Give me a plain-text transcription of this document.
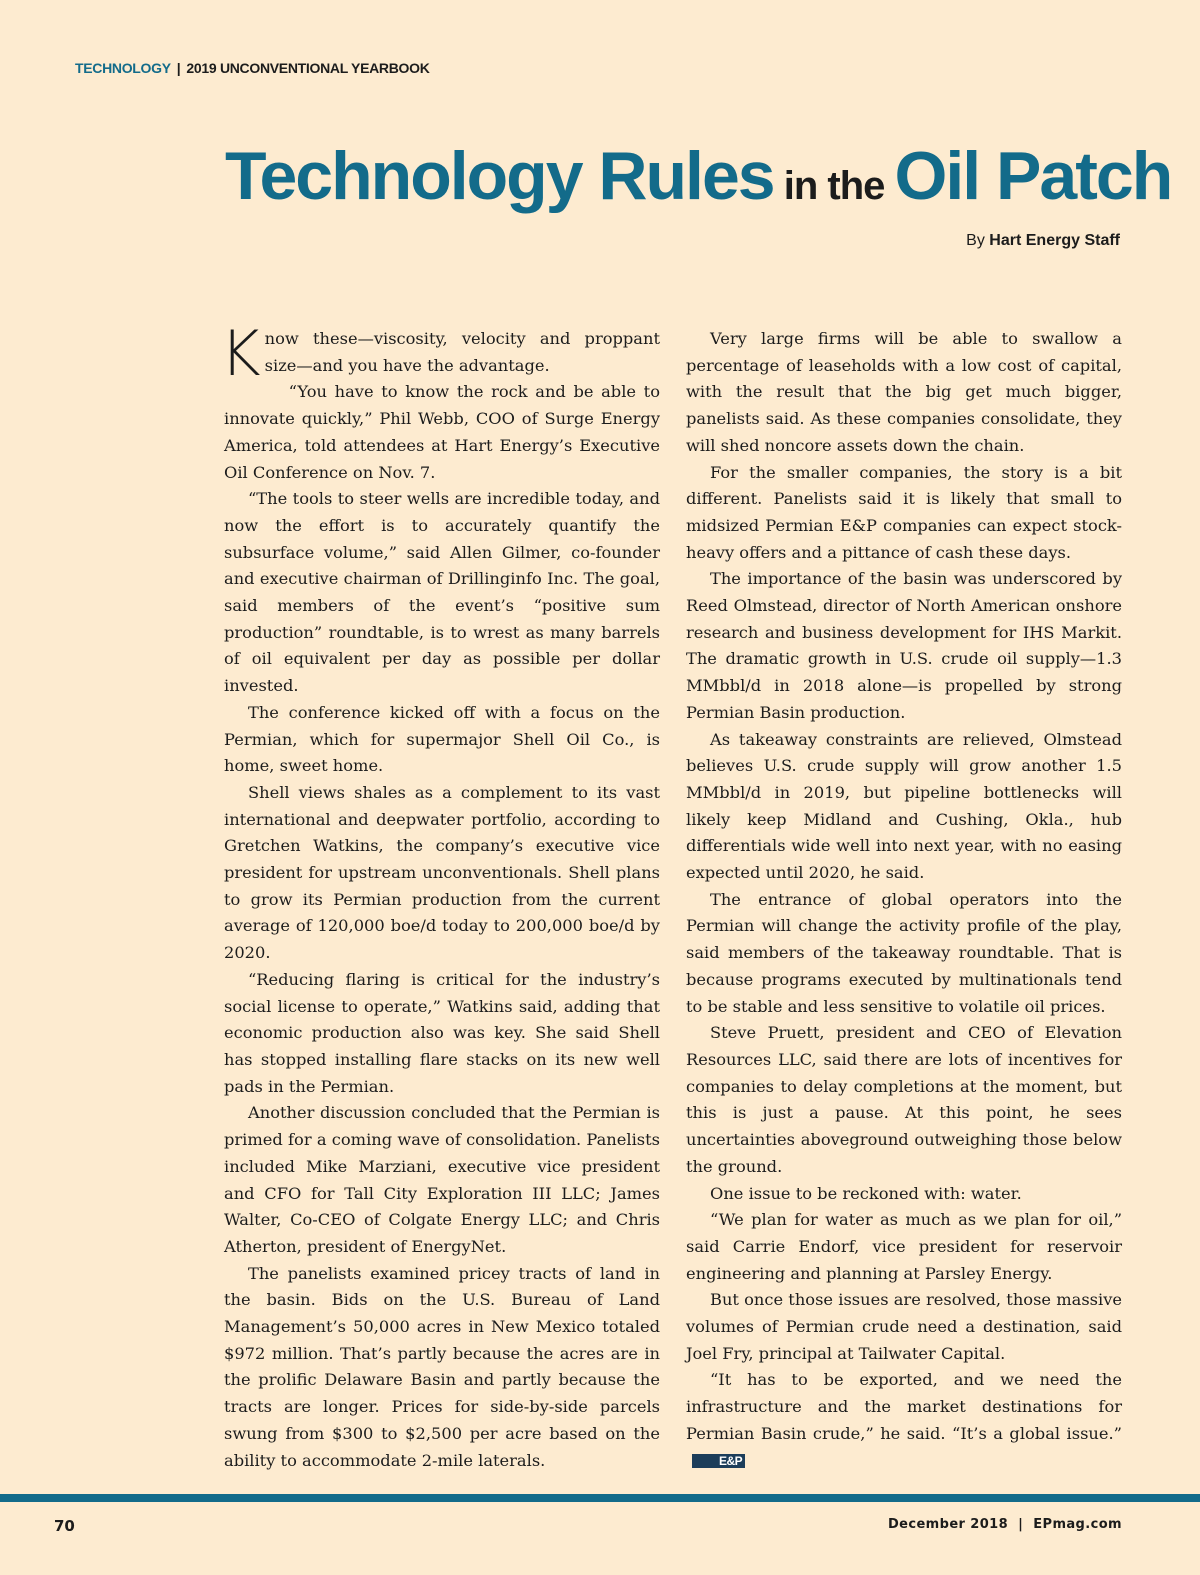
TECHNOLOGY | 2019 UNCONVENTIONAL YEARBOOK
Technology Rules in the Oil Patch
By Hart Energy Staff

Know these—viscosity, velocity and proppant size—and you have the advantage.

“You have to know the rock and be able to innovate quickly,” Phil Webb, COO of Surge Energy America, told attendees at Hart Energy’s Executive Oil Conference on Nov. 7.

“The tools to steer wells are incredible today, and now the effort is to accurately quantify the subsurface volume,” said Allen Gilmer, co-founder and executive chairman of Drillinginfo Inc. The goal, said members of the event’s “positive sum production” roundtable, is to wrest as many barrels of oil equivalent per day as possible per dollar invested.

The conference kicked off with a focus on the Permian, which for supermajor Shell Oil Co., is home, sweet home.

Shell views shales as a complement to its vast international and deepwater portfolio, according to Gretchen Watkins, the company’s executive vice president for upstream unconventionals. Shell plans to grow its Permian production from the current average of 120,000 boe/d today to 200,000 boe/d by 2020.

“Reducing flaring is critical for the industry’s social license to operate,” Watkins said, adding that economic production also was key. She said Shell has stopped installing flare stacks on its new well pads in the Permian.

Another discussion concluded that the Permian is primed for a coming wave of consolidation. Panelists included Mike Marziani, executive vice president and CFO for Tall City Exploration III LLC; James Walter, Co-CEO of Colgate Energy LLC; and Chris Atherton, president of EnergyNet.

The panelists examined pricey tracts of land in the basin. Bids on the U.S. Bureau of Land Management’s 50,000 acres in New Mexico totaled $972 million. That’s partly because the acres are in the prolific Delaware Basin and partly because the tracts are longer. Prices for side-by-side parcels swung from $300 to $2,500 per acre based on the ability to accommodate 2-mile laterals.

Very large firms will be able to swallow a percentage of leaseholds with a low cost of capital, with the result that the big get much bigger, panelists said. As these companies consolidate, they will shed noncore assets down the chain.

For the smaller companies, the story is a bit different. Panelists said it is likely that small to midsized Permian E&P companies can expect stock-heavy offers and a pittance of cash these days.

The importance of the basin was underscored by Reed Olmstead, director of North American onshore research and business development for IHS Markit. The dramatic growth in U.S. crude oil supply—1.3 MMbbl/d in 2018 alone—is propelled by strong Permian Basin production.

As takeaway constraints are relieved, Olmstead believes U.S. crude supply will grow another 1.5 MMbbl/d in 2019, but pipeline bottlenecks will likely keep Midland and Cushing, Okla., hub differentials wide well into next year, with no easing expected until 2020, he said.

The entrance of global operators into the Permian will change the activity profile of the play, said members of the takeaway roundtable. That is because programs executed by multinationals tend to be stable and less sensitive to volatile oil prices.

Steve Pruett, president and CEO of Elevation Resources LLC, said there are lots of incentives for companies to delay completions at the moment, but this is just a pause. At this point, he sees uncertainties aboveground outweighing those below the ground.

One issue to be reckoned with: water.

“We plan for water as much as we plan for oil,” said Carrie Endorf, vice president for reservoir engineering and planning at Parsley Energy.

But once those issues are resolved, those massive volumes of Permian crude need a destination, said Joel Fry, principal at Tailwater Capital.

“It has to be exported, and we need the infrastructure and the market destinations for Permian Basin crude,” he said. “It’s a global issue.”E&P

70	December 2018 | EPmag.com
